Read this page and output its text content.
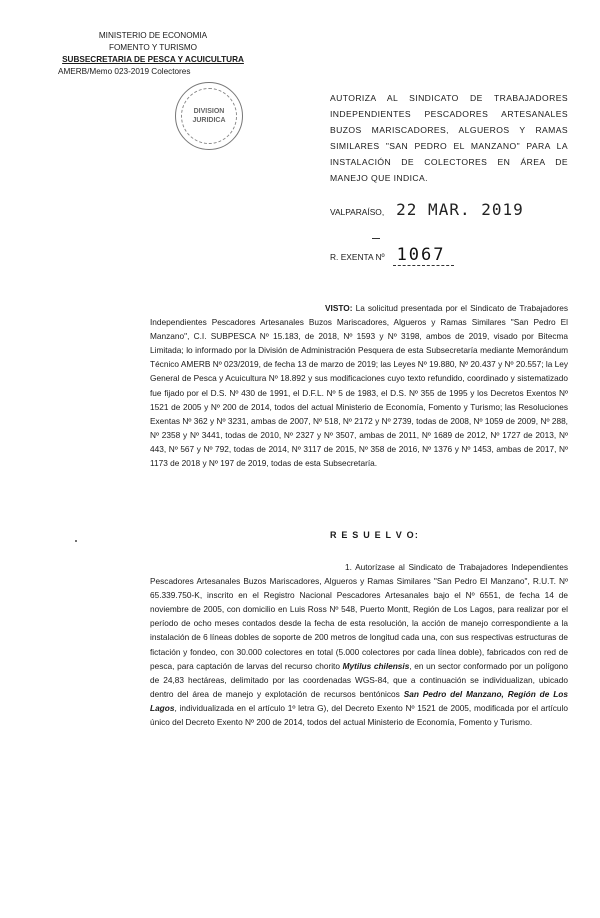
MINISTERIO DE ECONOMIA
FOMENTO Y TURISMO
SUBSECRETARIA DE PESCA Y ACUICULTURA
AMERB/Memo 023-2019 Colectores
DIVISION
JURIDICA
AUTORIZA AL SINDICATO DE TRABAJADORES INDEPENDIENTES PESCADORES ARTESANALES BUZOS MARISCADORES, ALGUEROS Y RAMAS SIMILARES "SAN PEDRO EL MANZANO" PARA LA INSTALACIÓN DE COLECTORES EN ÁREA DE MANEJO QUE INDICA.
VALPARAÍSO, 22 MAR. 2019
R. EXENTA Nº 1067
VISTO: La solicitud presentada por el Sindicato de Trabajadores Independientes Pescadores Artesanales Buzos Mariscadores, Algueros y Ramas Similares "San Pedro El Manzano", C.I. SUBPESCA Nº 15.183, de 2018, Nº 1593 y Nº 3198, ambos de 2019, visado por Bitecma Limitada; lo informado por la División de Administración Pesquera de esta Subsecretaría mediante Memorándum Técnico AMERB Nº 023/2019, de fecha 13 de marzo de 2019; las Leyes Nº 19.880, Nº 20.437 y Nº 20.557; la Ley General de Pesca y Acuicultura Nº 18.892 y sus modificaciones cuyo texto refundido, coordinado y sistematizado fue fijado por el D.S. Nº 430 de 1991, el D.F.L. Nº 5 de 1983, el D.S. Nº 355 de 1995 y los Decretos Exentos Nº 1521 de 2005 y Nº 200 de 2014, todos del actual Ministerio de Economía, Fomento y Turismo; las Resoluciones Exentas Nº 362 y Nº 3231, ambas de 2007, Nº 518, Nº 2172 y Nº 2739, todas de 2008, Nº 1059 de 2009, Nº 288, Nº 2358 y Nº 3441, todas de 2010, Nº 2327 y Nº 3507, ambas de 2011, Nº 1689 de 2012, Nº 1727 de 2013, Nº 443, Nº 567 y Nº 792, todas de 2014, Nº 3117 de 2015, Nº 358 de 2016, Nº 1376 y Nº 1453, ambas de 2017, Nº 1173 de 2018 y Nº 197 de 2019, todas de esta Subsecretaría.
R E S U E L V O:
1. Autorízase al Sindicato de Trabajadores Independientes Pescadores Artesanales Buzos Mariscadores, Algueros y Ramas Similares "San Pedro El Manzano", R.U.T. Nº 65.339.750-K, inscrito en el Registro Nacional Pescadores Artesanales bajo el Nº 6551, de fecha 14 de noviembre de 2005, con domicilio en Luis Ross Nº 548, Puerto Montt, Región de Los Lagos, para realizar por el período de ocho meses contados desde la fecha de esta resolución, la acción de manejo correspondiente a la instalación de 6 líneas dobles de soporte de 200 metros de longitud cada una, con sus respectivas estructuras de fictación y fondeo, con 30.000 colectores en total (5.000 colectores por cada línea doble), fabricados con red de pesca, para captación de larvas del recurso chorito Mytilus chilensis, en un sector conformado por un polígono de 24,83 hectáreas, delimitado por las coordenadas WGS-84, que a continuación se individualizan, ubicado dentro del área de manejo y explotación de recursos bentónicos San Pedro del Manzano, Región de Los Lagos, individualizada en el artículo 1º letra G), del Decreto Exento Nº 1521 de 2005, modificada por el artículo único del Decreto Exento Nº 200 de 2014, todos del actual Ministerio de Economía, Fomento y Turismo.
